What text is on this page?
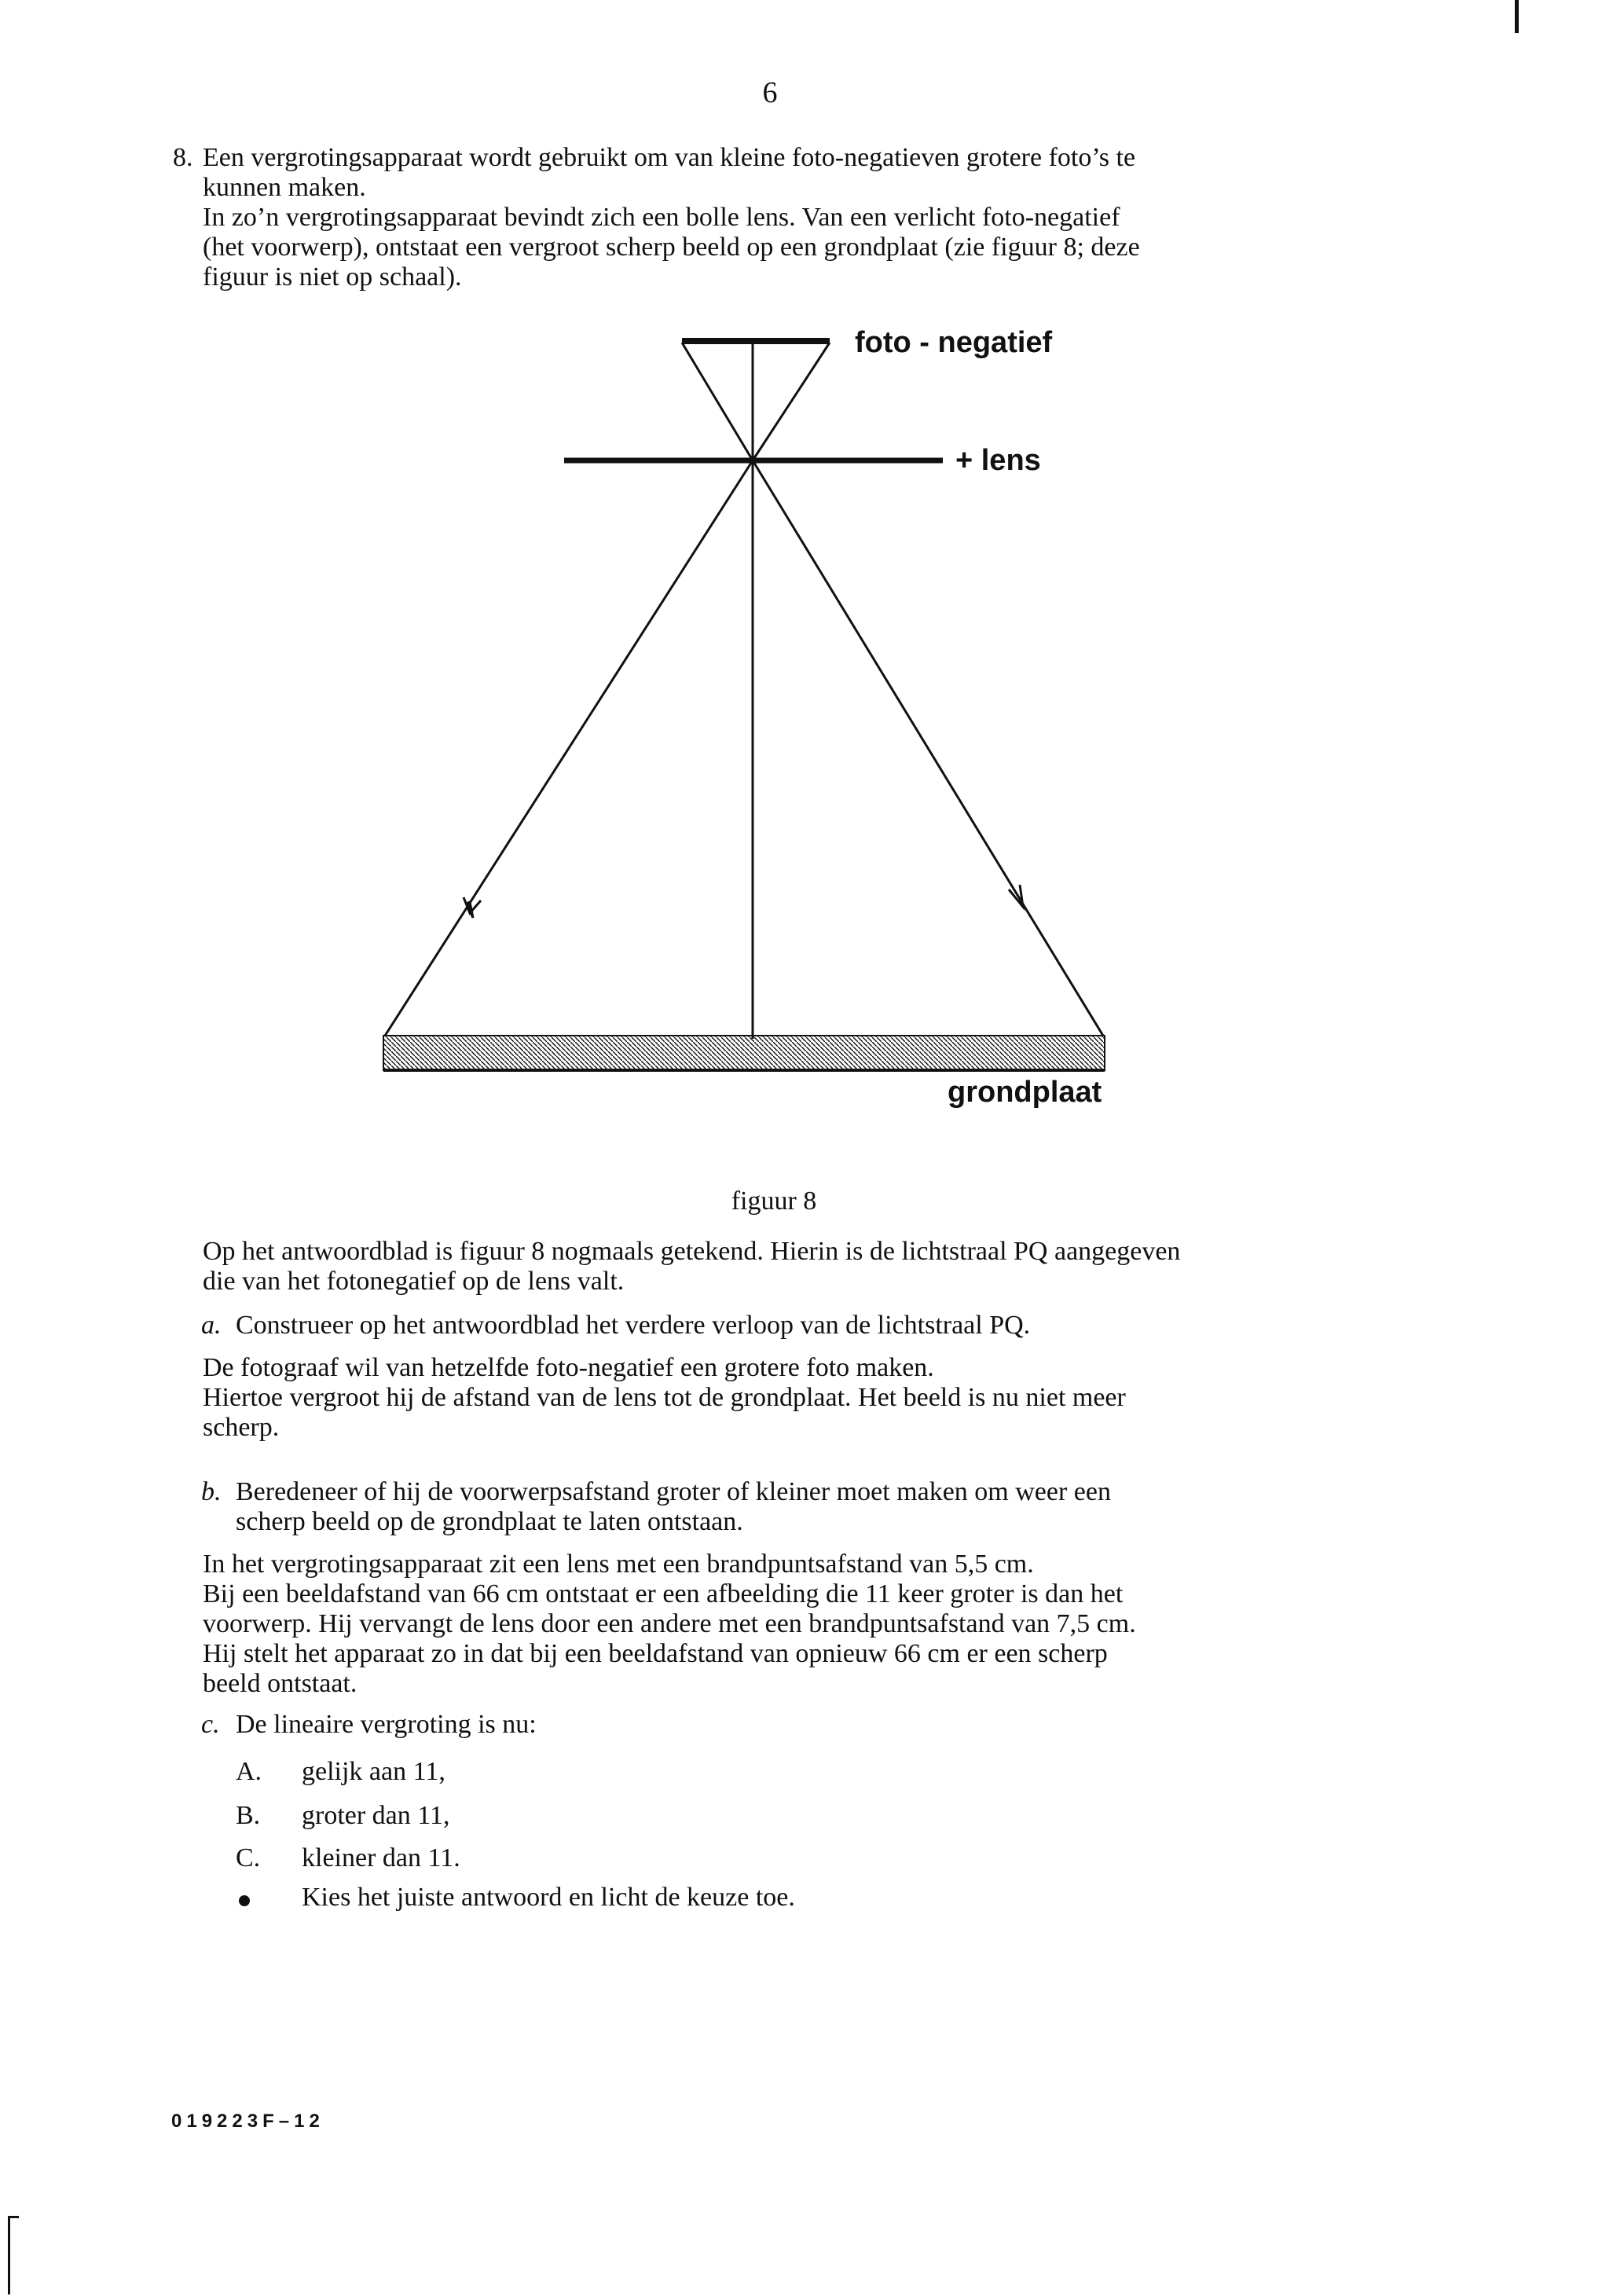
6
8. Een vergrotingsapparaat wordt gebruikt om van kleine foto-negatieven grotere foto’s te

kunnen maken.

In zo’n vergrotingsapparaat bevindt zich een bolle lens. Van een verlicht foto-negatief

(het voorwerp), ontstaat een vergroot scherp beeld op een grondplaat (zie figuur 8; deze

figuur is niet op schaal).

foto - negatief
+ lens
grondplaat
figuur 8

Op het antwoordblad is figuur 8 nogmaals getekend. Hierin is de lichtstraal PQ aangegeven

die van het fotonegatief op de lens valt.

a. Construeer op het antwoordblad het verdere verloop van de lichtstraal PQ.

De fotograaf wil van hetzelfde foto-negatief een grotere foto maken.

Hiertoe vergroot hij de afstand van de lens tot de grondplaat. Het beeld is nu niet meer

scherp.

b. Beredeneer of hij de voorwerpsafstand groter of kleiner moet maken om weer een
scherp beeld op de grondplaat te laten ontstaan.

In het vergrotingsapparaat zit een lens met een brandpuntsafstand van 5,5 cm.

Bij een beeldafstand van 66 cm ontstaat er een afbeelding die 11 keer groter is dan het

voorwerp. Hij vervangt de lens door een andere met een brandpuntsafstand van 7,5 cm.

Hij stelt het apparaat zo in dat bij een beeldafstand van opnieuw 66 cm er een scherp

beeld ontstaat.

c. De lineaire vergroting is nu:
A. gelijk aan 11,
B. groter dan 11,
C. kleiner dan 11.
Kies het juiste antwoord en licht de keuze toe.
019223F–12
